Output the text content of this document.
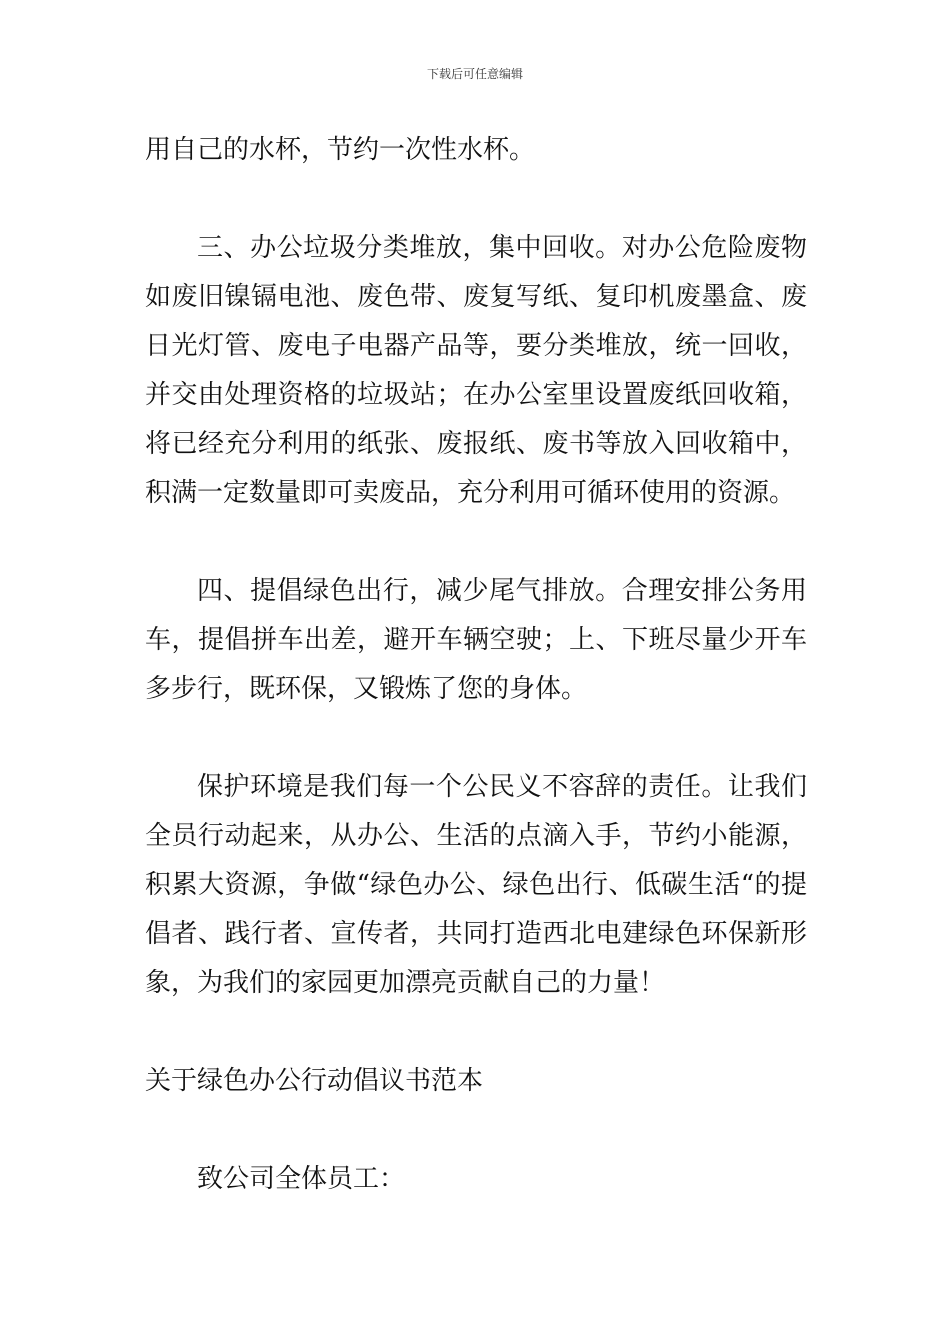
下载后可任意编辑

用自己的水杯，节约一次性水杯。

三、办公垃圾分类堆放，集中回收。对办公危险废物如废旧镍镉电池、废色带、废复写纸、复印机废墨盒、废日光灯管、废电子电器产品等，要分类堆放，统一回收，并交由处理资格的垃圾站；在办公室里设置废纸回收箱，将已经充分利用的纸张、废报纸、废书等放入回收箱中，积满一定数量即可卖废品，充分利用可循环使用的资源。

四、提倡绿色出行，减少尾气排放。合理安排公务用车，提倡拼车出差，避开车辆空驶；上、下班尽量少开车多步行，既环保，又锻炼了您的身体。

保护环境是我们每一个公民义不容辞的责任。让我们全员行动起来，从办公、生活的点滴入手，节约小能源，积累大资源，争做“绿色办公、绿色出行、低碳生活“的提倡者、践行者、宣传者，共同打造西北电建绿色环保新形象，为我们的家园更加漂亮贡献自己的力量！

关于绿色办公行动倡议书范本

致公司全体员工：
